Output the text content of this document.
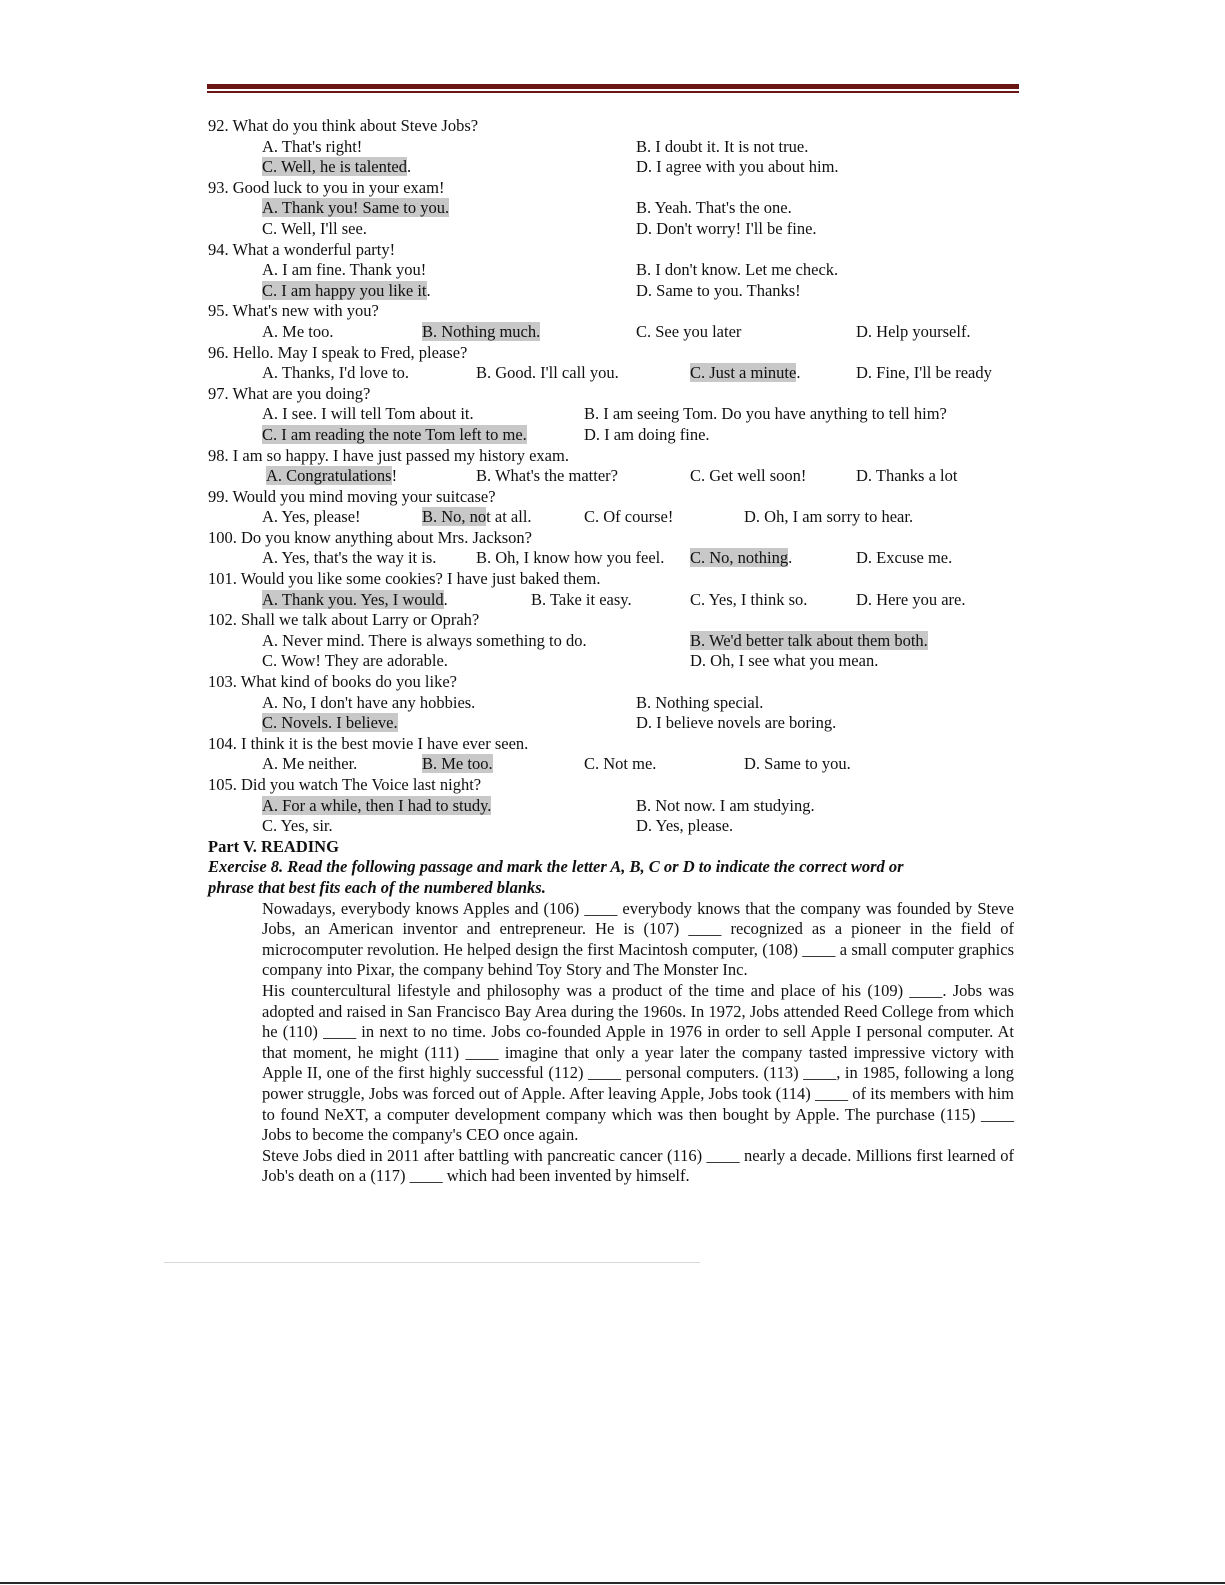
92. What do you think about Steve Jobs?
A. That's right!	B. I doubt it. It is not true.
C. Well, he is talented.	D. I agree with you about him.
93. Good luck to you in your exam!
A. Thank you! Same to you.	B. Yeah. That's the one.
C. Well, I'll see.	D. Don't worry! I'll be fine.
94. What a wonderful party!
A. I am fine. Thank you!	B. I don't know. Let me check.
C. I am happy you like it.	D. Same to you. Thanks!
95. What's new with you?
A. Me too.	B. Nothing much.	C. See you later	D. Help yourself.
96. Hello. May I speak to Fred, please?
A. Thanks, I'd love to.	B. Good. I'll call you.	C. Just a minute.	D. Fine, I'll be ready
97. What are you doing?
A. I see. I will tell Tom about it.	B. I am seeing Tom. Do you have anything to tell him?
C. I am reading the note Tom left to me.	D. I am doing fine.
98. I am so happy. I have just passed my history exam.
A. Congratulations!	B. What's the matter?	C. Get well soon!	D. Thanks a lot
99. Would you mind moving your suitcase?
A. Yes, please!	B. No, not at all.	C. Of course!	D. Oh, I am sorry to hear.
100. Do you know anything about Mrs. Jackson?
A. Yes, that's the way it is. B. Oh, I know how you feel. C. No, nothing.	D. Excuse me.
101. Would you like some cookies? I have just baked them.
A. Thank you. Yes, I would.	B. Take it easy.	C. Yes, I think so.	D. Here you are.
102. Shall we talk about Larry or Oprah?
A. Never mind. There is always something to do.	B. We'd better talk about them both.
C. Wow! They are adorable.	D. Oh, I see what you mean.
103. What kind of books do you like?
A. No, I don't have any hobbies.	B. Nothing special.
C. Novels. I believe.	D. I believe novels are boring.
104. I think it is the best movie I have ever seen.
A. Me neither.	B. Me too.	C. Not me.	D. Same to you.
105. Did you watch The Voice last night?
A. For a while, then I had to study.	B. Not now. I am studying.
C. Yes, sir.	D. Yes, please.
Part V. READING
Exercise 8. Read the following passage and mark the letter A, B, C or D to indicate the correct word or
phrase that best fits each of the numbered blanks.

Nowadays, everybody knows Apples and (106) ____ everybody knows that the company was founded by Steve Jobs, an American inventor and entrepreneur. He is (107) ____ recognized as a pioneer in the field of microcomputer revolution. He helped design the first Macintosh computer, (108) ____ a small computer graphics company into Pixar, the company behind Toy Story and The Monster Inc.

His countercultural lifestyle and philosophy was a product of the time and place of his (109) ____. Jobs was adopted and raised in San Francisco Bay Area during the 1960s. In 1972, Jobs attended Reed College from which he (110) ____ in next to no time. Jobs co-founded Apple in 1976 in order to sell Apple I personal computer. At that moment, he might (111) ____ imagine that only a year later the company tasted impressive victory with Apple II, one of the first highly successful (112) ____ personal computers. (113) ____, in 1985, following a long power struggle, Jobs was forced out of Apple. After leaving Apple, Jobs took (114) ____ of its members with him to found NeXT, a computer development company which was then bought by Apple. The purchase (115) ____ Jobs to become the company's CEO once again.

Steve Jobs died in 2011 after battling with pancreatic cancer (116) ____ nearly a decade. Millions first learned of Job's death on a (117) ____ which had been invented by himself.
